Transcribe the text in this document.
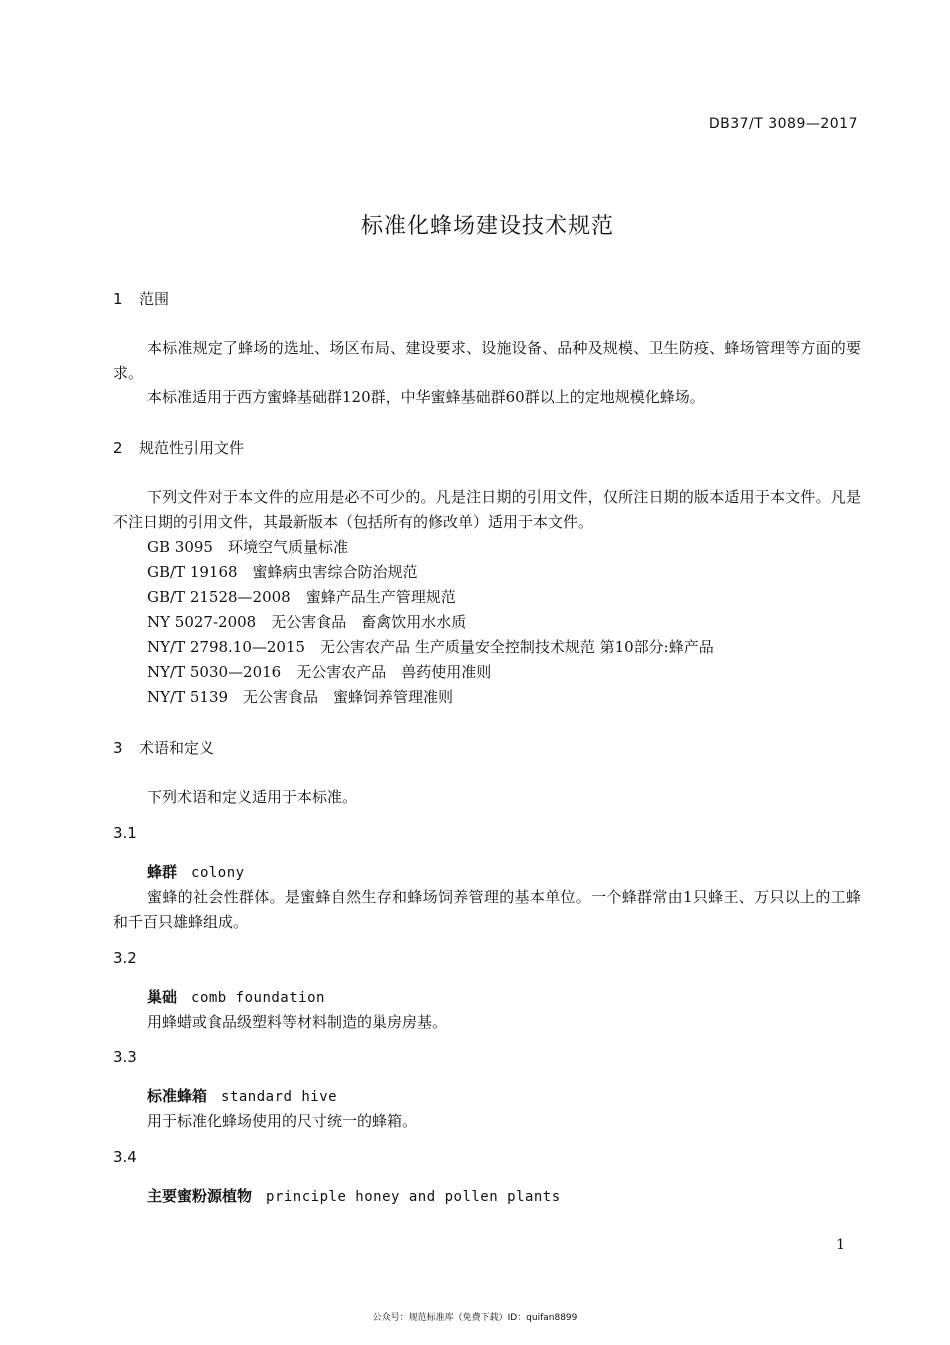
DB37/T 3089—2017
标准化蜂场建设技术规范
1 范围
本标准规定了蜂场的选址、场区布局、建设要求、设施设备、品种及规模、卫生防疫、蜂场管理等方面的要求。
本标准适用于西方蜜蜂基础群120群，中华蜜蜂基础群60群以上的定地规模化蜂场。
2 规范性引用文件
下列文件对于本文件的应用是必不可少的。凡是注日期的引用文件，仅所注日期的版本适用于本文件。凡是不注日期的引用文件，其最新版本（包括所有的修改单）适用于本文件。
GB 3095　环境空气质量标准
GB/T 19168　蜜蜂病虫害综合防治规范
GB/T 21528—2008　蜜蜂产品生产管理规范
NY 5027-2008　无公害食品　畜禽饮用水水质
NY/T 2798.10—2015　无公害农产品 生产质量安全控制技术规范 第10部分:蜂产品
NY/T 5030—2016　无公害农产品　兽药使用准则
NY/T 5139　无公害食品　蜜蜂饲养管理准则
3 术语和定义
下列术语和定义适用于本标准。
3.1
蜂群 colony
蜜蜂的社会性群体。是蜜蜂自然生存和蜂场饲养管理的基本单位。一个蜂群常由1只蜂王、万只以上的工蜂和千百只雄蜂组成。
3.2
巢础 comb foundation
用蜂蜡或食品级塑料等材料制造的巢房房基。
3.3
标准蜂箱 standard hive
用于标准化蜂场使用的尺寸统一的蜂箱。
3.4
主要蜜粉源植物 principle honey and pollen plants
1
公众号：规范标准库（免费下载）ID：quifan8899
